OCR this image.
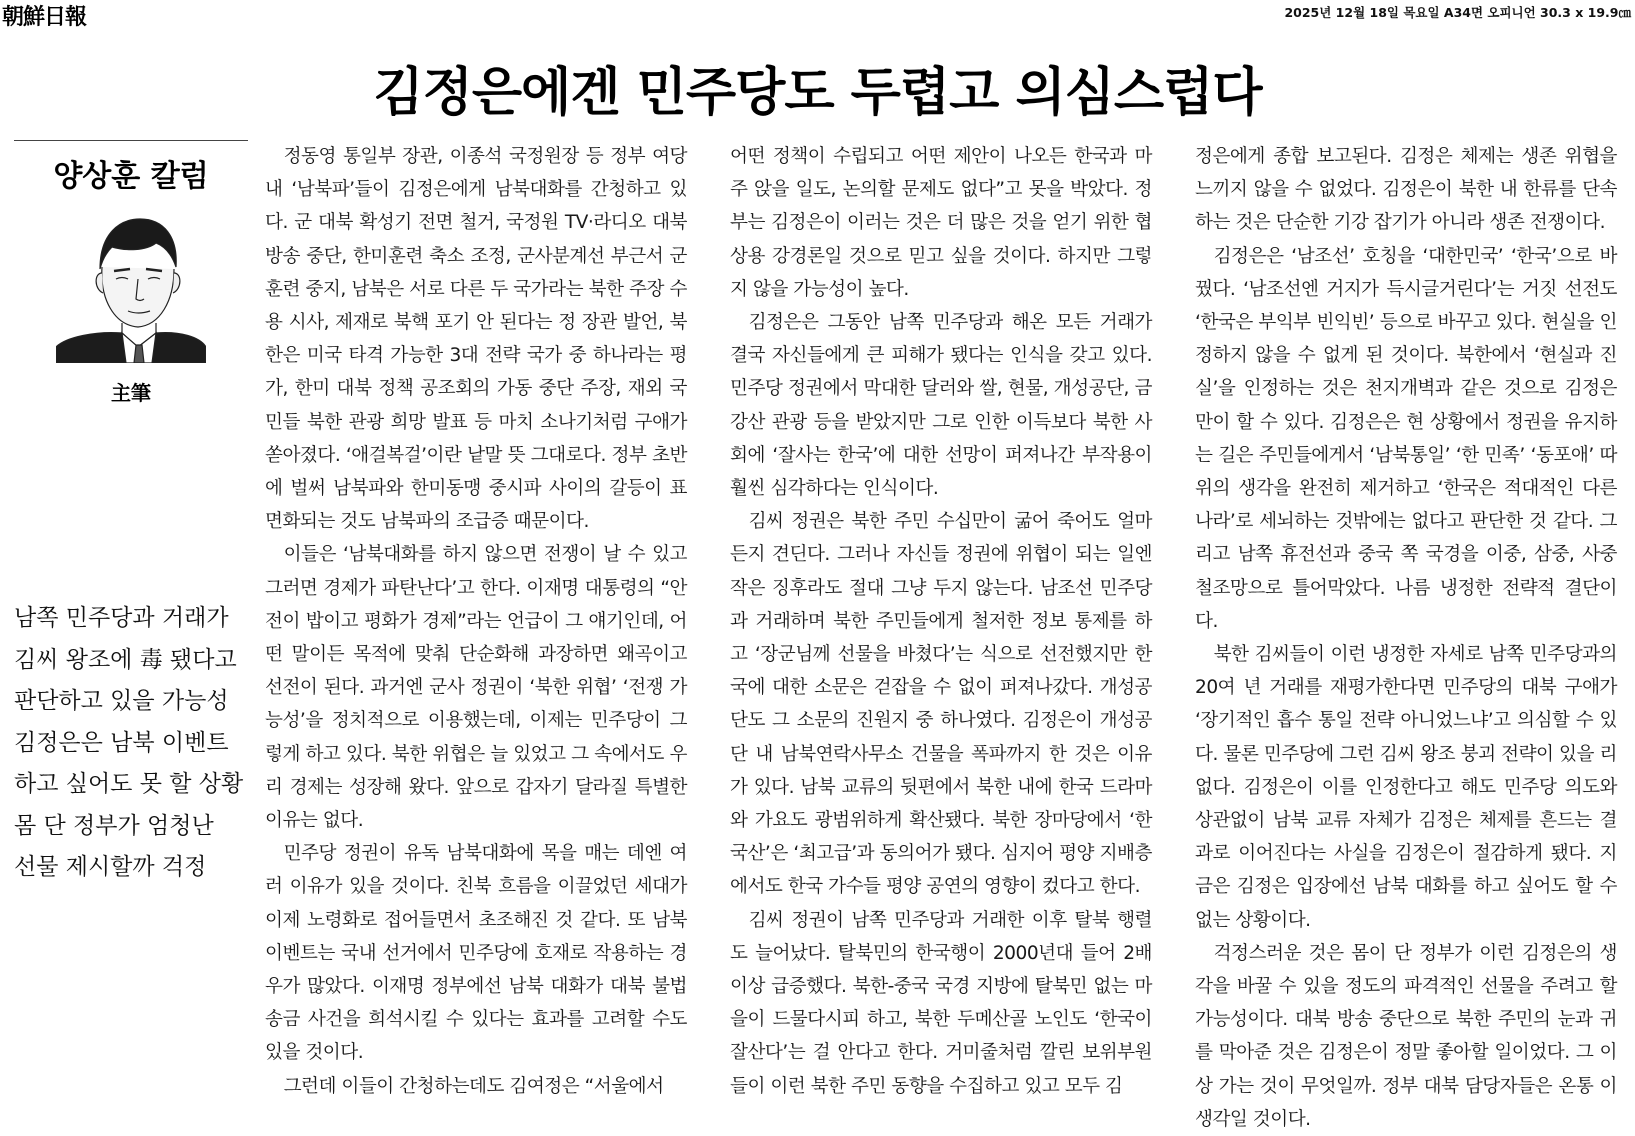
朝鮮日報	2025년 12월 18일 목요일 A34면 오피니언 30.3 x 19.9㎝
김정은에겐 민주당도 두렵고 의심스럽다
양상훈 칼럼
主筆
남쪽 민주당과 거래가
김씨 왕조에 毒 됐다고
판단하고 있을 가능성
김정은은 남북 이벤트
하고 싶어도 못 할 상황
몸 단 정부가 엄청난
선물 제시할까 걱정

정동영 통일부 장관, 이종석 국정원장 등 정부 여당 내 ‘남북파’들이 김정은에게 남북대화를 간청하고 있다. 군 대북 확성기 전면 철거, 국정원 TV·라디오 대북 방송 중단, 한미훈련 축소 조정, 군사분계선 부근서 군 훈련 중지, 남북은 서로 다른 두 국가라는 북한 주장 수용 시사, 제재로 북핵 포기 안 된다는 정 장관 발언, 북한은 미국 타격 가능한 3대 전략 국가 중 하나라는 평가, 한미 대북 정책 공조회의 가동 중단 주장, 재외 국민들 북한 관광 희망 발표 등 마치 소나기처럼 구애가 쏟아졌다. ‘애걸복걸’이란 낱말 뜻 그대로다. 정부 초반에 벌써 남북파와 한미동맹 중시파 사이의 갈등이 표면화되는 것도 남북파의 조급증 때문이다.

이들은 ‘남북대화를 하지 않으면 전쟁이 날 수 있고 그러면 경제가 파탄난다’고 한다. 이재명 대통령의 “안전이 밥이고 평화가 경제”라는 언급이 그 얘기인데, 어떤 말이든 목적에 맞춰 단순화해 과장하면 왜곡이고 선전이 된다. 과거엔 군사 정권이 ‘북한 위협’ ‘전쟁 가능성’을 정치적으로 이용했는데, 이제는 민주당이 그렇게 하고 있다. 북한 위협은 늘 있었고 그 속에서도 우리 경제는 성장해 왔다. 앞으로 갑자기 달라질 특별한 이유는 없다.

민주당 정권이 유독 남북대화에 목을 매는 데엔 여러 이유가 있을 것이다. 친북 흐름을 이끌었던 세대가 이제 노령화로 접어들면서 초조해진 것 같다. 또 남북 이벤트는 국내 선거에서 민주당에 호재로 작용하는 경우가 많았다. 이재명 정부에선 남북 대화가 대북 불법송금 사건을 희석시킬 수 있다는 효과를 고려할 수도 있을 것이다.

그런데 이들이 간청하는데도 김여정은 “서울에서

어떤 정책이 수립되고 어떤 제안이 나오든 한국과 마주 앉을 일도, 논의할 문제도 없다”고 못을 박았다. 정부는 김정은이 이러는 것은 더 많은 것을 얻기 위한 협상용 강경론일 것으로 믿고 싶을 것이다. 하지만 그렇지 않을 가능성이 높다.

김정은은 그동안 남쪽 민주당과 해온 모든 거래가 결국 자신들에게 큰 피해가 됐다는 인식을 갖고 있다. 민주당 정권에서 막대한 달러와 쌀, 현물, 개성공단, 금강산 관광 등을 받았지만 그로 인한 이득보다 북한 사회에 ‘잘사는 한국’에 대한 선망이 퍼져나간 부작용이 훨씬 심각하다는 인식이다.

김씨 정권은 북한 주민 수십만이 굶어 죽어도 얼마든지 견딘다. 그러나 자신들 정권에 위협이 되는 일엔 작은 징후라도 절대 그냥 두지 않는다. 남조선 민주당과 거래하며 북한 주민들에게 철저한 정보 통제를 하고 ‘장군님께 선물을 바쳤다’는 식으로 선전했지만 한국에 대한 소문은 걷잡을 수 없이 퍼져나갔다. 개성공단도 그 소문의 진원지 중 하나였다. 김정은이 개성공단 내 남북연락사무소 건물을 폭파까지 한 것은 이유가 있다. 남북 교류의 뒷편에서 북한 내에 한국 드라마와 가요도 광범위하게 확산됐다. 북한 장마당에서 ‘한국산’은 ‘최고급’과 동의어가 됐다. 심지어 평양 지배층에서도 한국 가수들 평양 공연의 영향이 컸다고 한다.

김씨 정권이 남쪽 민주당과 거래한 이후 탈북 행렬도 늘어났다. 탈북민의 한국행이 2000년대 들어 2배 이상 급증했다. 북한-중국 국경 지방에 탈북민 없는 마을이 드물다시피 하고, 북한 두메산골 노인도 ‘한국이 잘산다’는 걸 안다고 한다. 거미줄처럼 깔린 보위부원들이 이런 북한 주민 동향을 수집하고 있고 모두 김

정은에게 종합 보고된다. 김정은 체제는 생존 위협을 느끼지 않을 수 없었다. 김정은이 북한 내 한류를 단속하는 것은 단순한 기강 잡기가 아니라 생존 전쟁이다.

김정은은 ‘남조선’ 호칭을 ‘대한민국’ ‘한국’으로 바꿨다. ‘남조선엔 거지가 득시글거린다’는 거짓 선전도 ‘한국은 부익부 빈익빈’ 등으로 바꾸고 있다. 현실을 인정하지 않을 수 없게 된 것이다. 북한에서 ‘현실과 진실’을 인정하는 것은 천지개벽과 같은 것으로 김정은만이 할 수 있다. 김정은은 현 상황에서 정권을 유지하는 길은 주민들에게서 ‘남북통일’ ‘한 민족’ ‘동포애’ 따위의 생각을 완전히 제거하고 ‘한국은 적대적인 다른 나라’로 세뇌하는 것밖에는 없다고 판단한 것 같다. 그리고 남쪽 휴전선과 중국 쪽 국경을 이중, 삼중, 사중 철조망으로 틀어막았다. 나름 냉정한 전략적 결단이다.

북한 김씨들이 이런 냉정한 자세로 남쪽 민주당과의 20여 년 거래를 재평가한다면 민주당의 대북 구애가 ‘장기적인 흡수 통일 전략 아니었느냐’고 의심할 수 있다. 물론 민주당에 그런 김씨 왕조 붕괴 전략이 있을 리 없다. 김정은이 이를 인정한다고 해도 민주당 의도와 상관없이 남북 교류 자체가 김정은 체제를 흔드는 결과로 이어진다는 사실을 김정은이 절감하게 됐다. 지금은 김정은 입장에선 남북 대화를 하고 싶어도 할 수 없는 상황이다.

걱정스러운 것은 몸이 단 정부가 이런 김정은의 생각을 바꿀 수 있을 정도의 파격적인 선물을 주려고 할 가능성이다. 대북 방송 중단으로 북한 주민의 눈과 귀를 막아준 것은 김정은이 정말 좋아할 일이었다. 그 이상 가는 것이 무엇일까. 정부 대북 담당자들은 온통 이 생각일 것이다.
